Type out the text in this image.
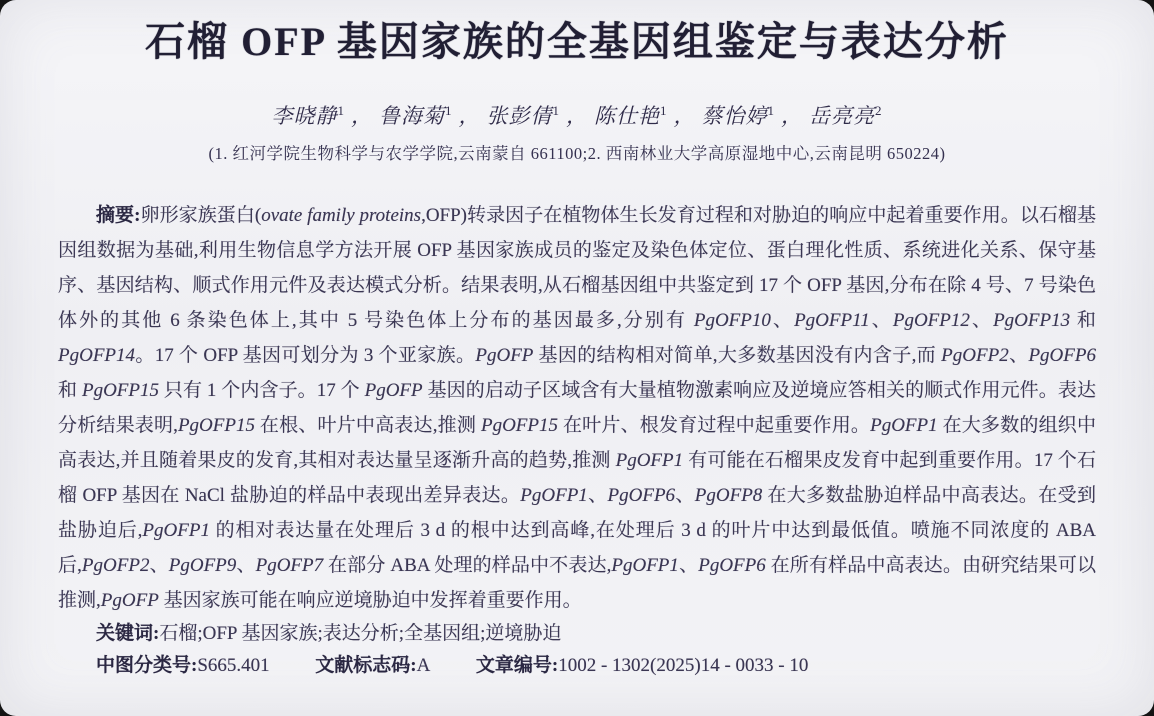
石榴 OFP 基因家族的全基因组鉴定与表达分析
李晓静$^1$ ， 鲁海菊$^1$ ， 张彭倩$^1$ ， 陈仕艳$^1$ ， 蔡怡婷$^1$ ， 岳亮亮$^2$
(1. 红河学院生物科学与农学学院,云南蒙自 661100;2. 西南林业大学高原湿地中心,云南昆明 650224)

摘要:卵形家族蛋白(ovate family proteins,OFP)转录因子在植物体生长发育过程和对胁迫的响应中起着重要作用。以石榴基因组数据为基础,利用生物信息学方法开展 OFP 基因家族成员的鉴定及染色体定位、蛋白理化性质、系统进化关系、保守基序、基因结构、顺式作用元件及表达模式分析。结果表明,从石榴基因组中共鉴定到 17 个 OFP 基因,分布在除 4 号、7 号染色体外的其他 6 条染色体上,其中 5 号染色体上分布的基因最多,分别有 PgOFP10、PgOFP11、PgOFP12、PgOFP13 和 PgOFP14。17 个 OFP 基因可划分为 3 个亚家族。PgOFP 基因的结构相对简单,大多数基因没有内含子,而 PgOFP2、PgOFP6 和 PgOFP15 只有 1 个内含子。17 个 PgOFP 基因的启动子区域含有大量植物激素响应及逆境应答相关的顺式作用元件。表达分析结果表明,PgOFP15 在根、叶片中高表达,推测 PgOFP15 在叶片、根发育过程中起重要作用。PgOFP1 在大多数的组织中高表达,并且随着果皮的发育,其相对表达量呈逐渐升高的趋势,推测 PgOFP1 有可能在石榴果皮发育中起到重要作用。17 个石榴 OFP 基因在 NaCl 盐胁迫的样品中表现出差异表达。PgOFP1、PgOFP6、PgOFP8 在大多数盐胁迫样品中高表达。在受到盐胁迫后,PgOFP1 的相对表达量在处理后 3 d 的根中达到高峰,在处理后 3 d 的叶片中达到最低值。喷施不同浓度的 ABA 后,PgOFP2、PgOFP9、PgOFP7 在部分 ABA 处理的样品中不表达,PgOFP1、PgOFP6 在所有样品中高表达。由研究结果可以推测,PgOFP 基因家族可能在响应逆境胁迫中发挥着重要作用。

关键词:石榴;OFP 基因家族;表达分析;全基因组;逆境胁迫

中图分类号:S665.401 文献标志码:A 文章编号:1002 - 1302(2025)14 - 0033 - 10
